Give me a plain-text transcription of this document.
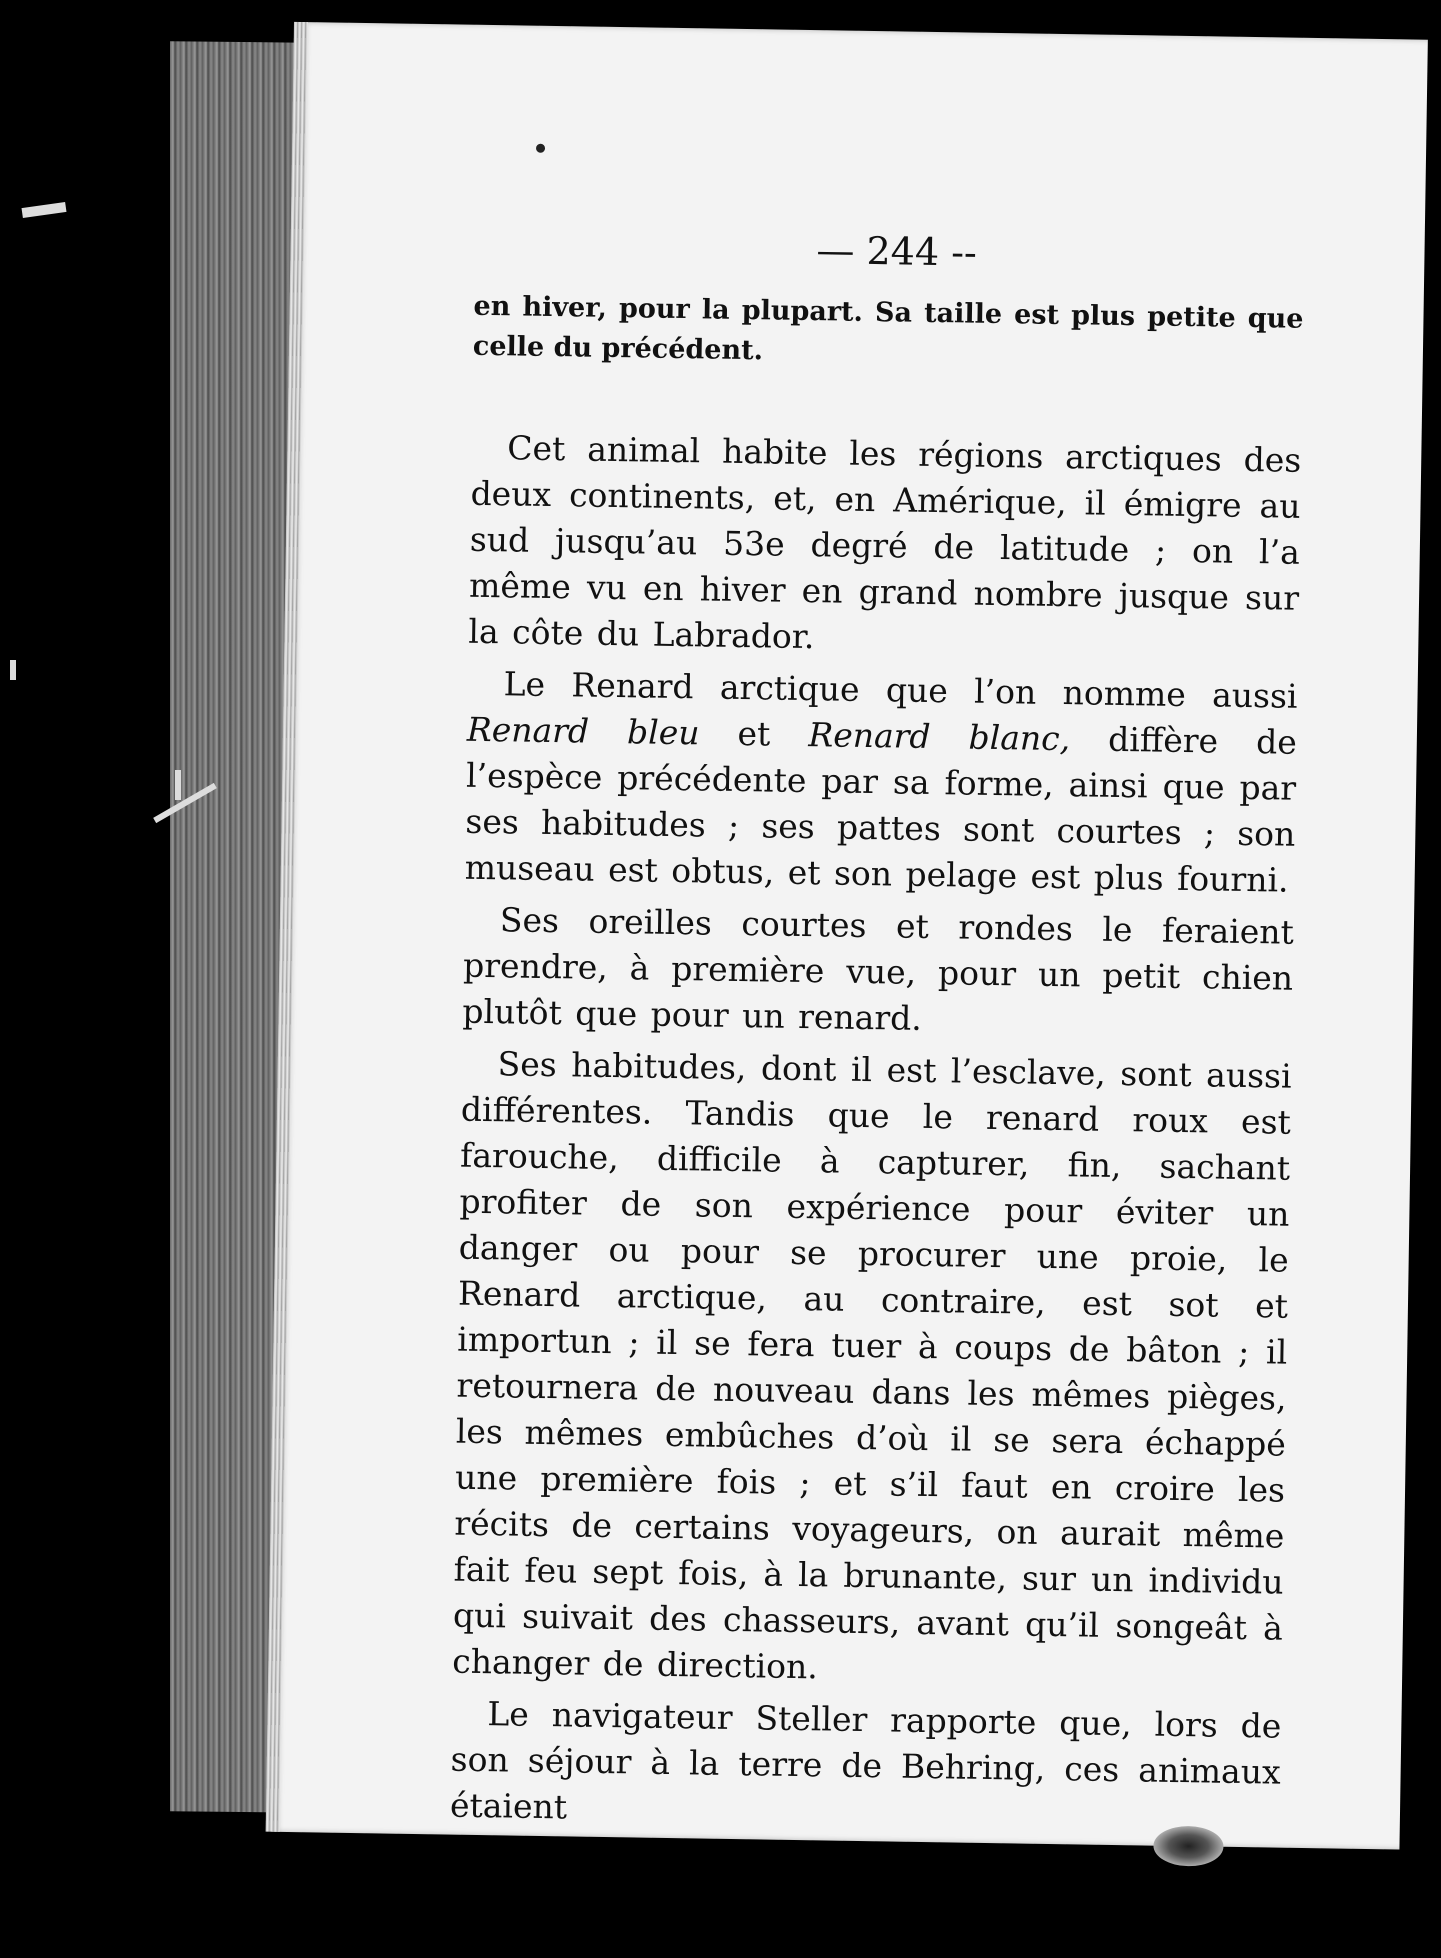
— 244 --

en hiver, pour la plupart. Sa taille est plus petite que celle du précédent.

Cet animal habite les régions arctiques des deux continents, et, en Amérique, il émigre au sud jusqu’au 53e degré de latitude ; on l’a même vu en hiver en grand nombre jusque sur la côte du Labrador.

Le Renard arctique que l’on nomme aussi Renard bleu et Renard blanc, diffère de l’espèce précédente par sa forme, ainsi que par ses habitudes ; ses pattes sont courtes ; son museau est obtus, et son pelage est plus fourni.

Ses oreilles courtes et rondes le feraient prendre, à première vue, pour un petit chien plutôt que pour un renard.

Ses habitudes, dont il est l’esclave, sont aussi différentes. Tandis que le renard roux est farouche, difficile à capturer, fin, sachant profiter de son expérience pour éviter un danger ou pour se procurer une proie, le Renard arctique, au contraire, est sot et importun ; il se fera tuer à coups de bâton ; il retournera de nouveau dans les mêmes pièges, les mêmes embûches d’où il se sera échappé une première fois ; et s’il faut en croire les récits de certains voyageurs, on aurait même fait feu sept fois, à la brunante, sur un individu qui suivait des chasseurs, avant qu’il songeât à changer de direction.

Le navigateur Steller rapporte que, lors de son séjour à la terre de Behring, ces animaux étaient
